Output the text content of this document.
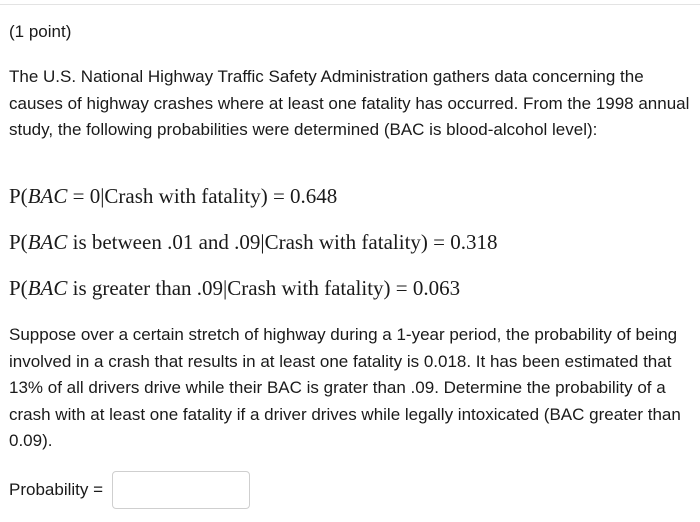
(1 point)
The U.S. National Highway Traffic Safety Administration gathers data concerning the causes of highway crashes where at least one fatality has occurred. From the 1998 annual study, the following probabilities were determined (BAC is blood-alcohol level):
P(BAC = 0|Crash with fatality) = 0.648
P(BAC is between .01 and .09|Crash with fatality) = 0.318
P(BAC is greater than .09|Crash with fatality) = 0.063
Suppose over a certain stretch of highway during a 1-year period, the probability of being involved in a crash that results in at least one fatality is 0.018. It has been estimated that 13% of all drivers drive while their BAC is grater than .09. Determine the probability of a crash with at least one fatality if a driver drives while legally intoxicated (BAC greater than 0.09).
Probability =
